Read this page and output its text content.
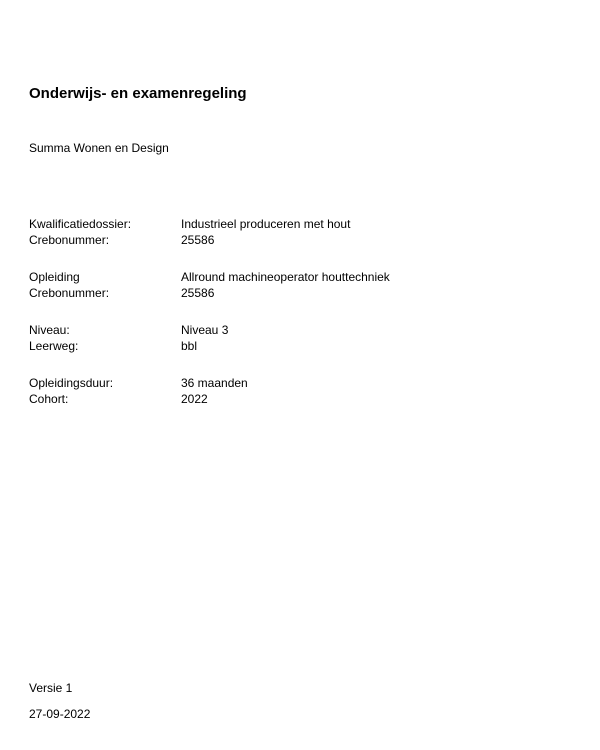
Onderwijs- en examenregeling
Summa Wonen en Design
Kwalificatiedossier:	Industrieel produceren met hout
Crebonummer:	25586
Opleiding	Allround machineoperator houttechniek
Crebonummer:	25586
Niveau:	Niveau 3
Leerweg:	bbl
Opleidingsduur:	36 maanden
Cohort:	2022
Versie 1
27-09-2022
